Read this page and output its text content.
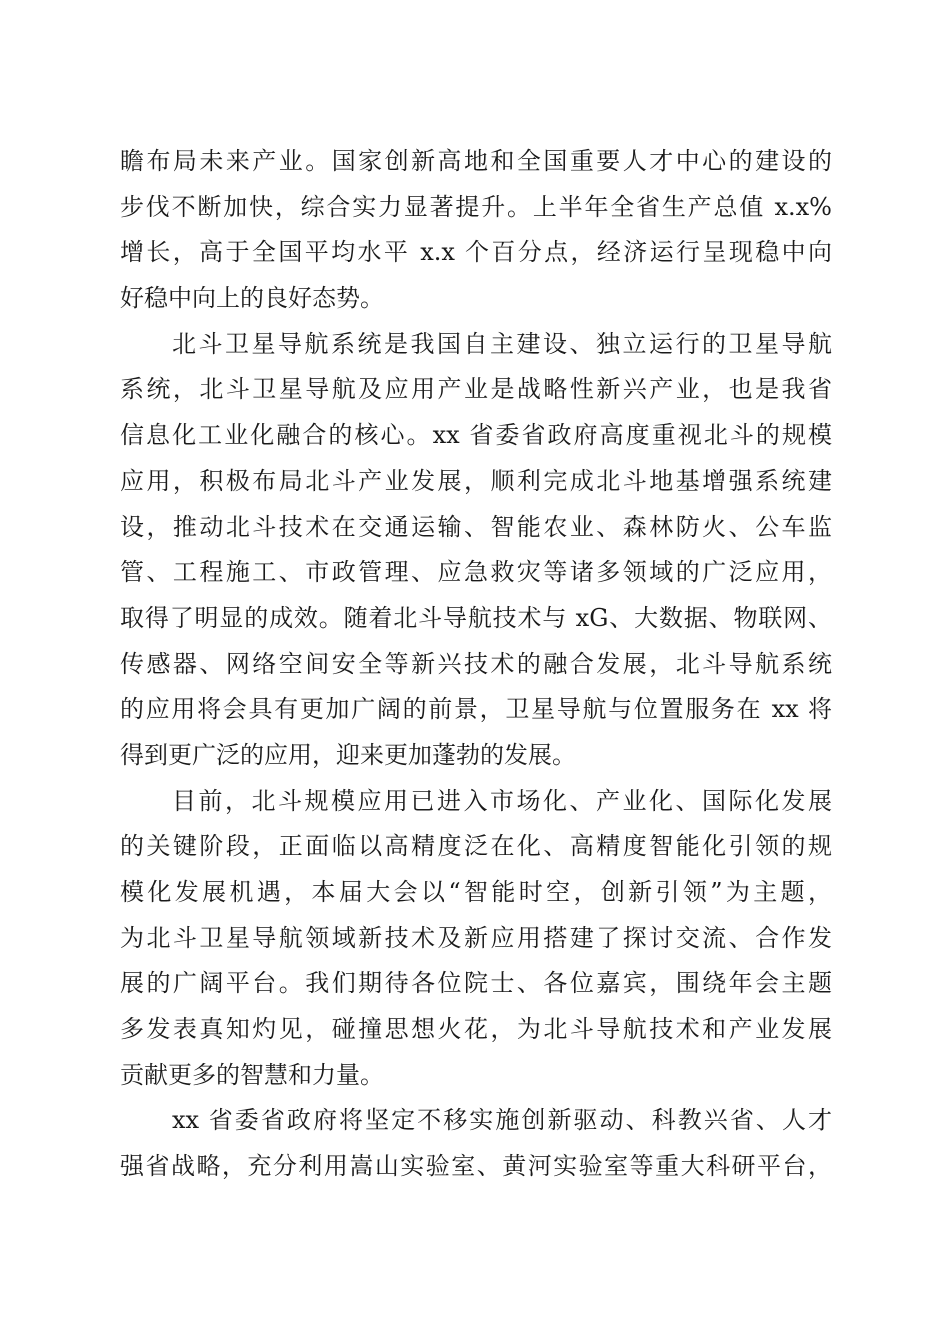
瞻布局未来产业。国家创新高地和全国重要人才中心的建设的
步伐不断加快，综合实力显著提升。上半年全省生产总值 x.x%
增长，高于全国平均水平 x.x 个百分点，经济运行呈现稳中向
好稳中向上的良好态势。
北斗卫星导航系统是我国自主建设、独立运行的卫星导航
系统，北斗卫星导航及应用产业是战略性新兴产业，也是我省
信息化工业化融合的核心。xx 省委省政府高度重视北斗的规模
应用，积极布局北斗产业发展，顺利完成北斗地基增强系统建
设，推动北斗技术在交通运输、智能农业、森林防火、公车监
管、工程施工、市政管理、应急救灾等诸多领域的广泛应用，
取得了明显的成效。随着北斗导航技术与 xG、大数据、物联网、
传感器、网络空间安全等新兴技术的融合发展，北斗导航系统
的应用将会具有更加广阔的前景，卫星导航与位置服务在 xx 将
得到更广泛的应用，迎来更加蓬勃的发展。
目前，北斗规模应用已进入市场化、产业化、国际化发展
的关键阶段，正面临以高精度泛在化、高精度智能化引领的规
模化发展机遇，本届大会以“智能时空，创新引领”为主题，
为北斗卫星导航领域新技术及新应用搭建了探讨交流、合作发
展的广阔平台。我们期待各位院士、各位嘉宾，围绕年会主题
多发表真知灼见，碰撞思想火花，为北斗导航技术和产业发展
贡献更多的智慧和力量。
xx 省委省政府将坚定不移实施创新驱动、科教兴省、人才
强省战略，充分利用嵩山实验室、黄河实验室等重大科研平台，
